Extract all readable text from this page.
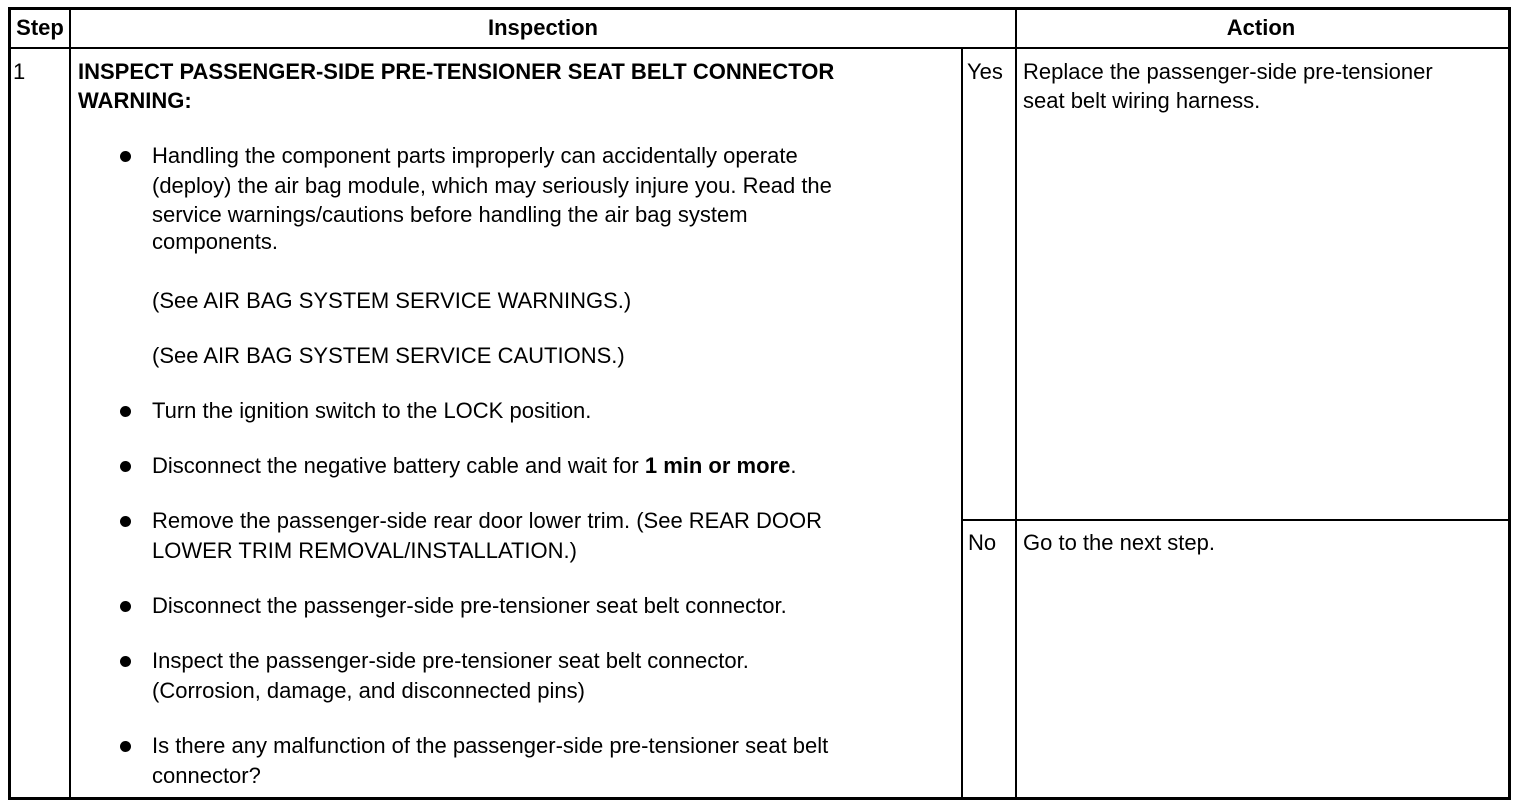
Step	Inspection	Action
1 INSPECT PASSENGER-SIDE PRE-TENSIONER SEAT BELT CONNECTOR
WARNING:
Handling the component parts improperly can accidentally operate
(deploy) the air bag module, which may seriously injure you. Read the
service warnings/cautions before handling the air bag system
components.
(See AIR BAG SYSTEM SERVICE WARNINGS.)
(See AIR BAG SYSTEM SERVICE CAUTIONS.)
Turn the ignition switch to the LOCK position.
Disconnect the negative battery cable and wait for 1 min or more.
Remove the passenger-side rear door lower trim. (See REAR DOOR
LOWER TRIM REMOVAL/INSTALLATION.)
Disconnect the passenger-side pre-tensioner seat belt connector.
Inspect the passenger-side pre-tensioner seat belt connector.
(Corrosion, damage, and disconnected pins)
Is there any malfunction of the passenger-side pre-tensioner seat belt
connector?
Yes Replace the passenger-side pre-tensioner
seat belt wiring harness.
No Go to the next step.
